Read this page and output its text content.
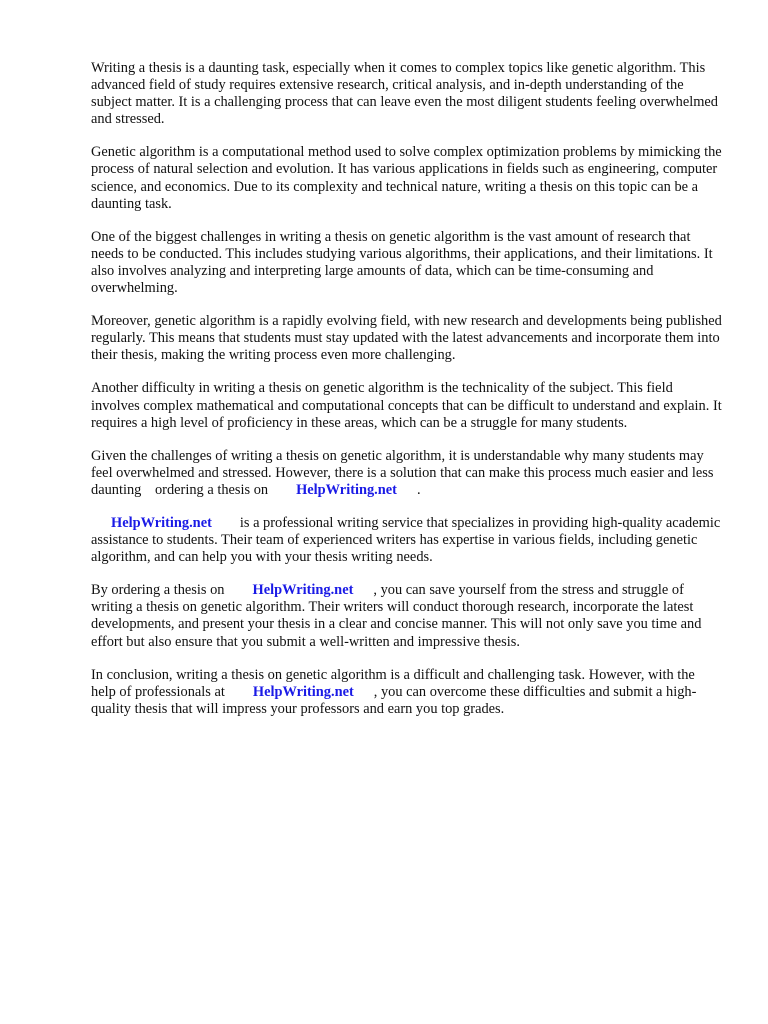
Writing a thesis is a daunting task, especially when it comes to complex topics like genetic algorithm. This advanced field of study requires extensive research, critical analysis, and in-depth understanding of the subject matter. It is a challenging process that can leave even the most diligent students feeling overwhelmed and stressed.

Genetic algorithm is a computational method used to solve complex optimization problems by mimicking the process of natural selection and evolution. It has various applications in fields such as engineering, computer science, and economics. Due to its complexity and technical nature, writing a thesis on this topic can be a daunting task.

One of the biggest challenges in writing a thesis on genetic algorithm is the vast amount of research that needs to be conducted. This includes studying various algorithms, their applications, and their limitations. It also involves analyzing and interpreting large amounts of data, which can be time-consuming and overwhelming.

Moreover, genetic algorithm is a rapidly evolving field, with new research and developments being published regularly. This means that students must stay updated with the latest advancements and incorporate them into their thesis, making the writing process even more challenging.

Another difficulty in writing a thesis on genetic algorithm is the technicality of the subject. This field involves complex mathematical and computational concepts that can be difficult to understand and explain. It requires a high level of proficiency in these areas, which can be a struggle for many students.

Given the challenges of writing a thesis on genetic algorithm, it is understandable why many students may feel overwhelmed and stressed. However, there is a solution that can make this process much easier and less daunting ordering a thesis on HelpWriting.net .

HelpWriting.net is a professional writing service that specializes in providing high-quality academic assistance to students. Their team of experienced writers has expertise in various fields, including genetic algorithm, and can help you with your thesis writing needs.

By ordering a thesis on HelpWriting.net , you can save yourself from the stress and struggle of writing a thesis on genetic algorithm. Their writers will conduct thorough research, incorporate the latest developments, and present your thesis in a clear and concise manner. This will not only save you time and effort but also ensure that you submit a well-written and impressive thesis.

In conclusion, writing a thesis on genetic algorithm is a difficult and challenging task. However, with the help of professionals at HelpWriting.net , you can overcome these difficulties and submit a high-quality thesis that will impress your professors and earn you top grades.
